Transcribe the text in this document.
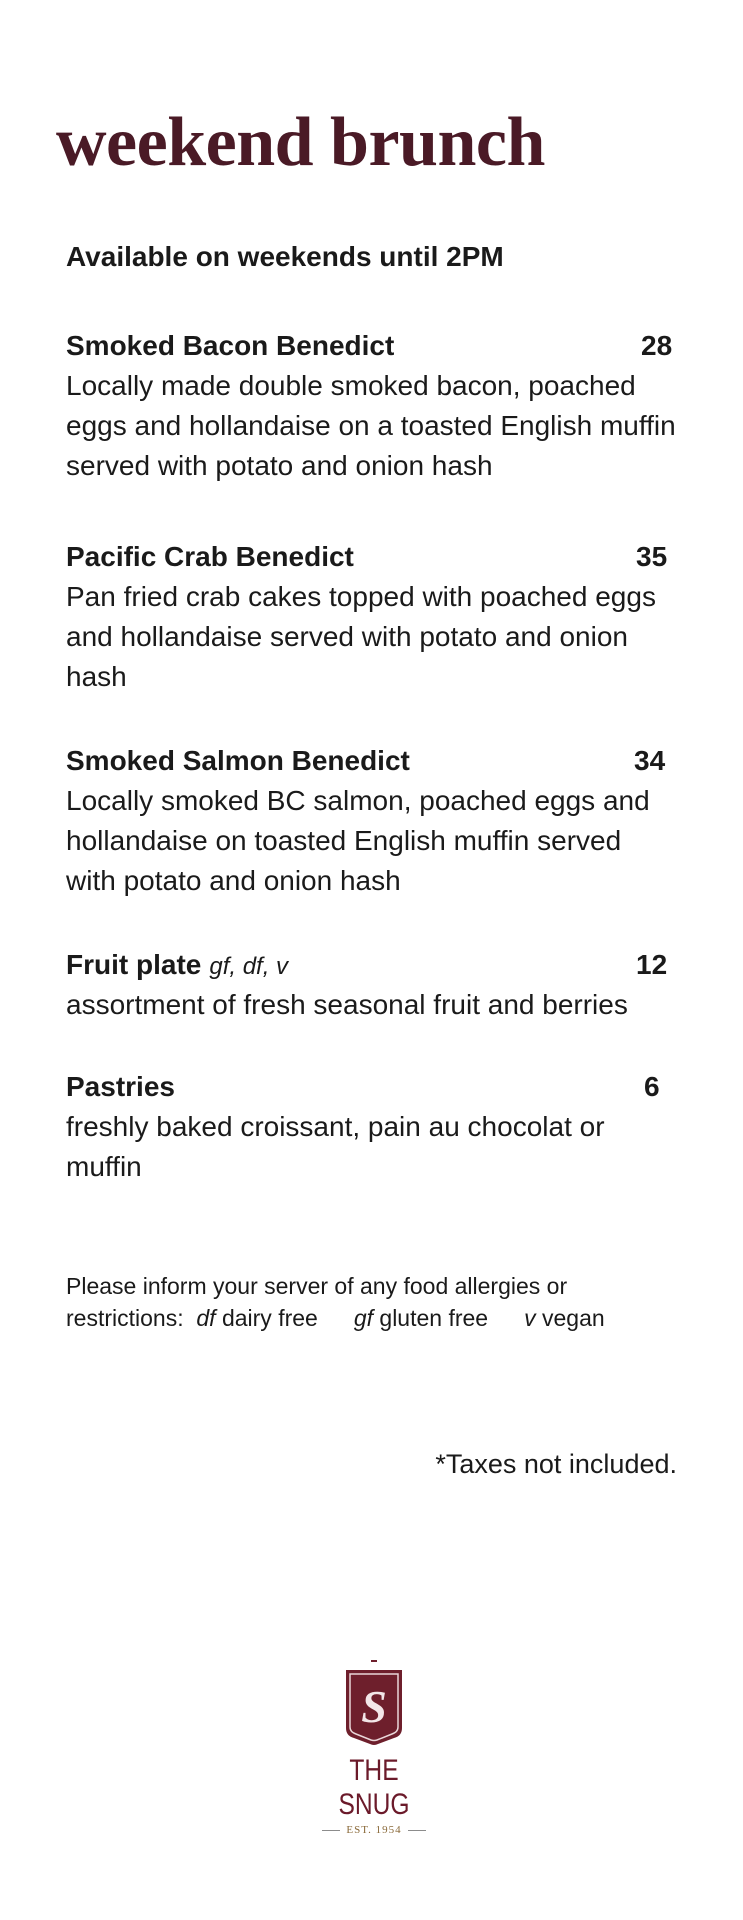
weekend brunch

Available on weekends until 2PM

Smoked Bacon Benedict	28

Locally made double smoked bacon, poached eggs and hollandaise on a toasted English muffin served with potato and onion hash

Pacific Crab Benedict	35

Pan fried crab cakes topped with poached eggs and hollandaise served with potato and onion hash

Smoked Salmon Benedict	34

Locally smoked BC salmon, poached eggs and hollandaise on toasted English muffin served with potato and onion hash

Fruit plate gf, df, v	12

assortment of fresh seasonal fruit and berries

Pastries	6

freshly baked croissant, pain au chocolat or muffin

Please inform your server of any food allergies or
restrictions: df dairy free gf gluten free v vegan
*Taxes not included.
S
THE SNUG
EST. 1954
